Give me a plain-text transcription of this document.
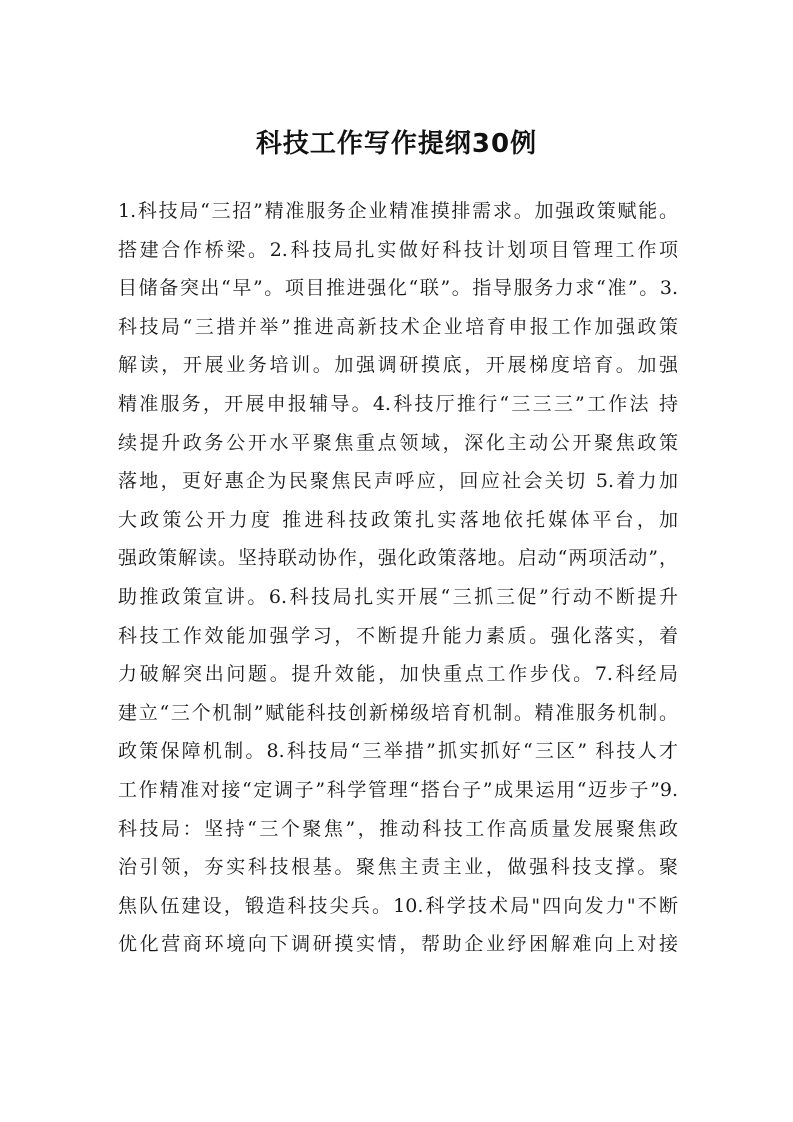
科技工作写作提纲30例
1.科技局“三招”精准服务企业精准摸排需求。加强政策赋能。
搭建合作桥梁。2.科技局扎实做好科技计划项目管理工作项
目储备突出“早”。项目推进强化“联”。指导服务力求“准”。3.
科技局“三措并举”推进高新技术企业培育申报工作加强政策
解读，开展业务培训。加强调研摸底，开展梯度培育。加强
精准服务，开展申报辅导。4.科技厅推行“三三三”工作法 持
续提升政务公开水平聚焦重点领域，深化主动公开聚焦政策
落地，更好惠企为民聚焦民声呼应，回应社会关切 5.着力加
大政策公开力度 推进科技政策扎实落地依托媒体平台，加
强政策解读。坚持联动协作，强化政策落地。启动“两项活动”，
助推政策宣讲。6.科技局扎实开展“三抓三促”行动不断提升
科技工作效能加强学习，不断提升能力素质。强化落实，着
力破解突出问题。提升效能，加快重点工作步伐。7.科经局
建立“三个机制”赋能科技创新梯级培育机制。精准服务机制。
政策保障机制。8.科技局“三举措”抓实抓好“三区” 科技人才
工作精准对接“定调子”科学管理“搭台子”成果运用“迈步子”9.
科技局：坚持“三个聚焦”，推动科技工作高质量发展聚焦政
治引领，夯实科技根基。聚焦主责主业，做强科技支撑。聚
焦队伍建设，锻造科技尖兵。10.科学技术局"四向发力"不断
优化营商环境向下调研摸实情，帮助企业纾困解难向上对接
